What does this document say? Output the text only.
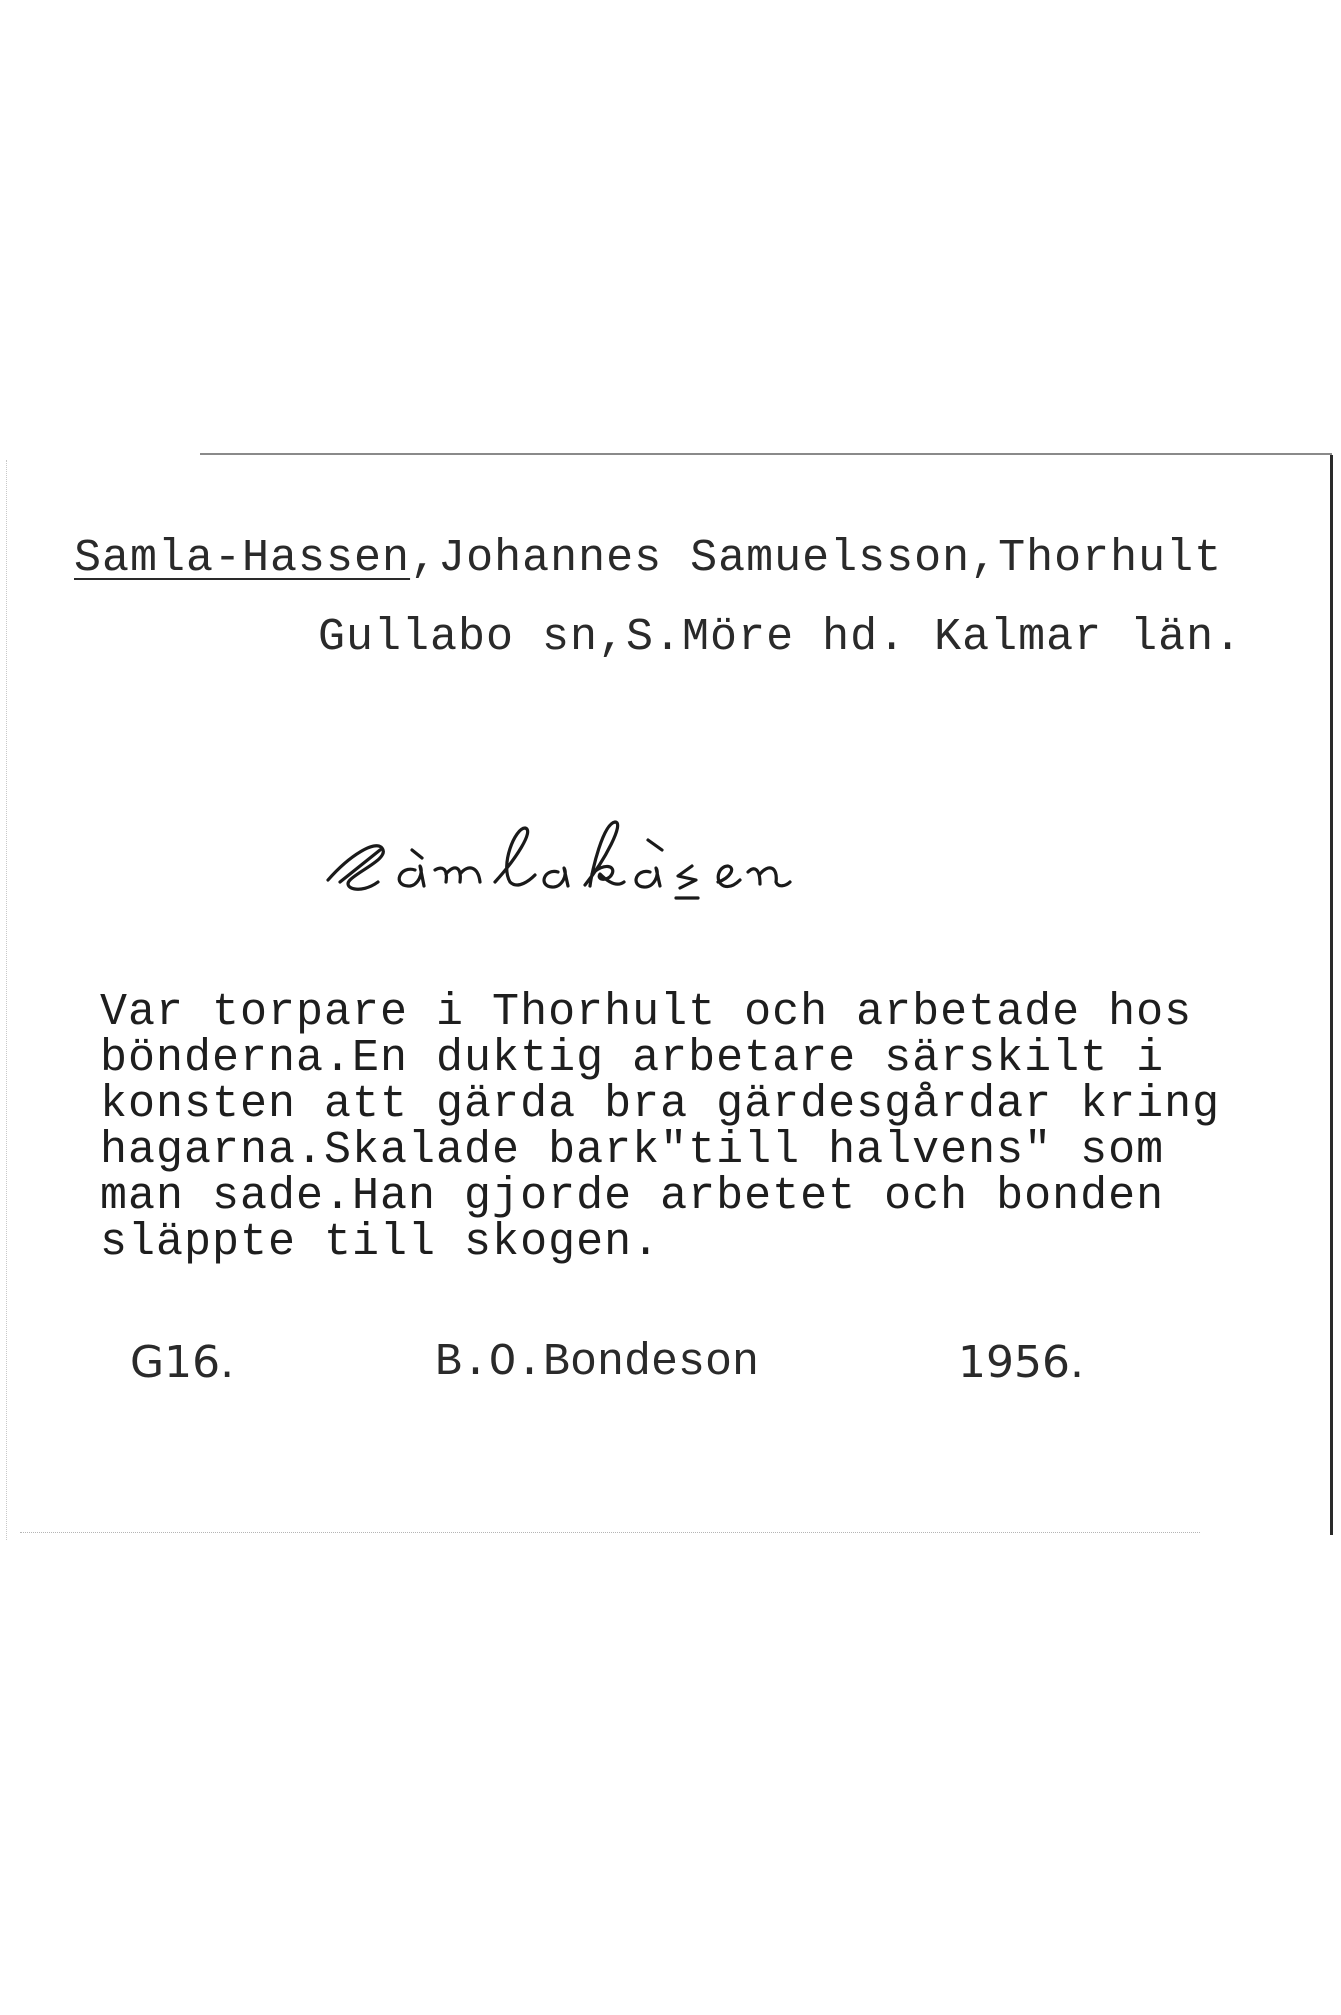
Samla-Hassen,Johannes Samuelsson,Thorhult
Gullabo sn,S.Möre hd. Kalmar län.

Var torpare i Thorhult och arbetade hos
bönderna.En duktig arbetare särskilt i
konsten att gärda bra gärdesgårdar kring
hagarna.Skalade bark"till halvens" som
man sade.Han gjorde arbetet och bonden
släppte till skogen.

G16.	B.O.Bondeson	1956.
